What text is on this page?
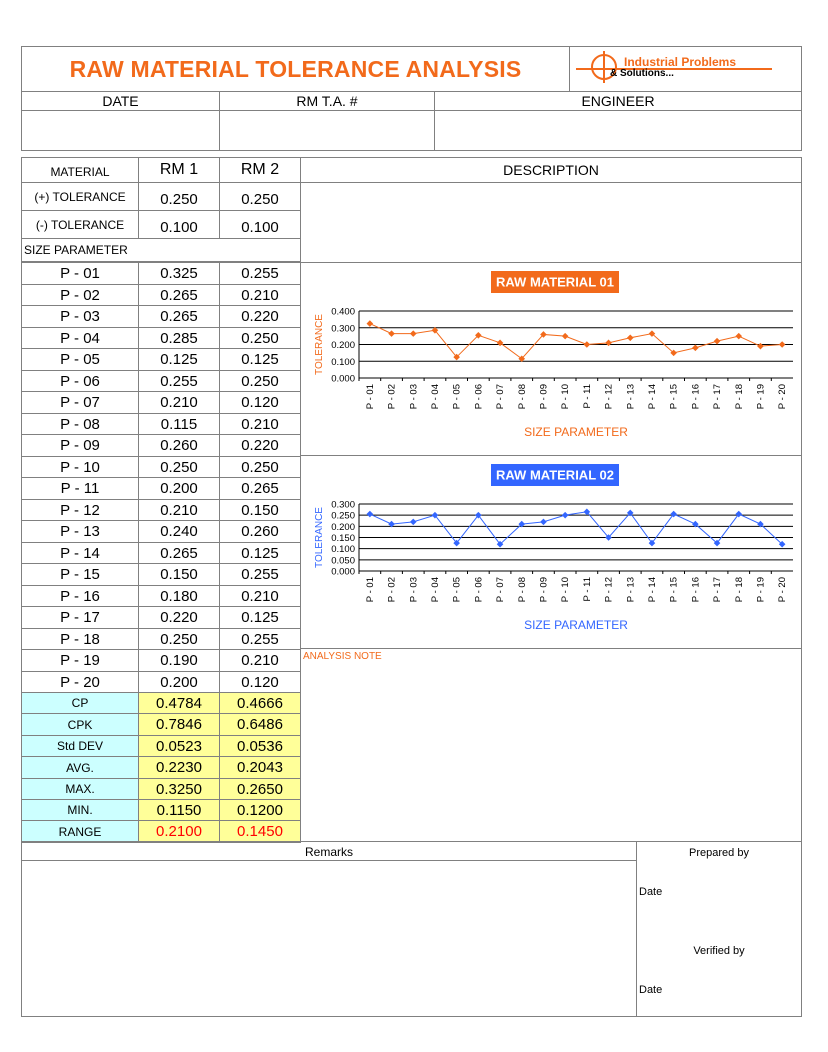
RAW MATERIAL TOLERANCE ANALYSIS	Industrial Problems
& Solutions...
DATE	RM T.A. #	ENGINEER
MATERIAL	RM 1	RM 2
(+) TOLERANCE	0.250	0.250
(-) TOLERANCE	0.100	0.100
SIZE PARAMETER
P - 01	0.325	0.255
P - 02	0.265	0.210
P - 03	0.265	0.220
P - 04	0.285	0.250
P - 05	0.125	0.125
P - 06	0.255	0.250
P - 07	0.210	0.120
P - 08	0.115	0.210
P - 09	0.260	0.220
P - 10	0.250	0.250
P - 11	0.200	0.265
P - 12	0.210	0.150
P - 13	0.240	0.260
P - 14	0.265	0.125
P - 15	0.150	0.255
P - 16	0.180	0.210
P - 17	0.220	0.125
P - 18	0.250	0.255
P - 19	0.190	0.210
P - 20	0.200	0.120
CP	0.4784	0.4666
CPK	0.7846	0.6486
Std DEV	0.0523	0.0536
AVG.	0.2230	0.2043
MAX.	0.3250	0.2650
MIN.	0.1150	0.1200
RANGE	0.2100	0.1450
DESCRIPTION
RAW MATERIAL 01
0.000
0.100
0.200
0.300
0.400
TOLERANCE
P - 01 P - 02 P - 03 P - 04 P - 05 P - 06 P - 07 P - 08 P - 09 P - 10 P - 11 P - 12 P - 13 P - 14 P - 15 P - 16 P - 17 P - 18 P - 19 P - 20
SIZE PARAMETER
RAW MATERIAL 02
0.000
0.050
0.100
0.150
0.200
0.250
0.300
TOLERANCE
P - 01 P - 02 P - 03 P - 04 P - 05 P - 06 P - 07 P - 08 P - 09 P - 10 P - 11 P - 12 P - 13 P - 14 P - 15 P - 16 P - 17 P - 18 P - 19 P - 20
SIZE PARAMETER
ANALYSIS NOTE
Remarks	Prepared by
Date
Verified by
Date
